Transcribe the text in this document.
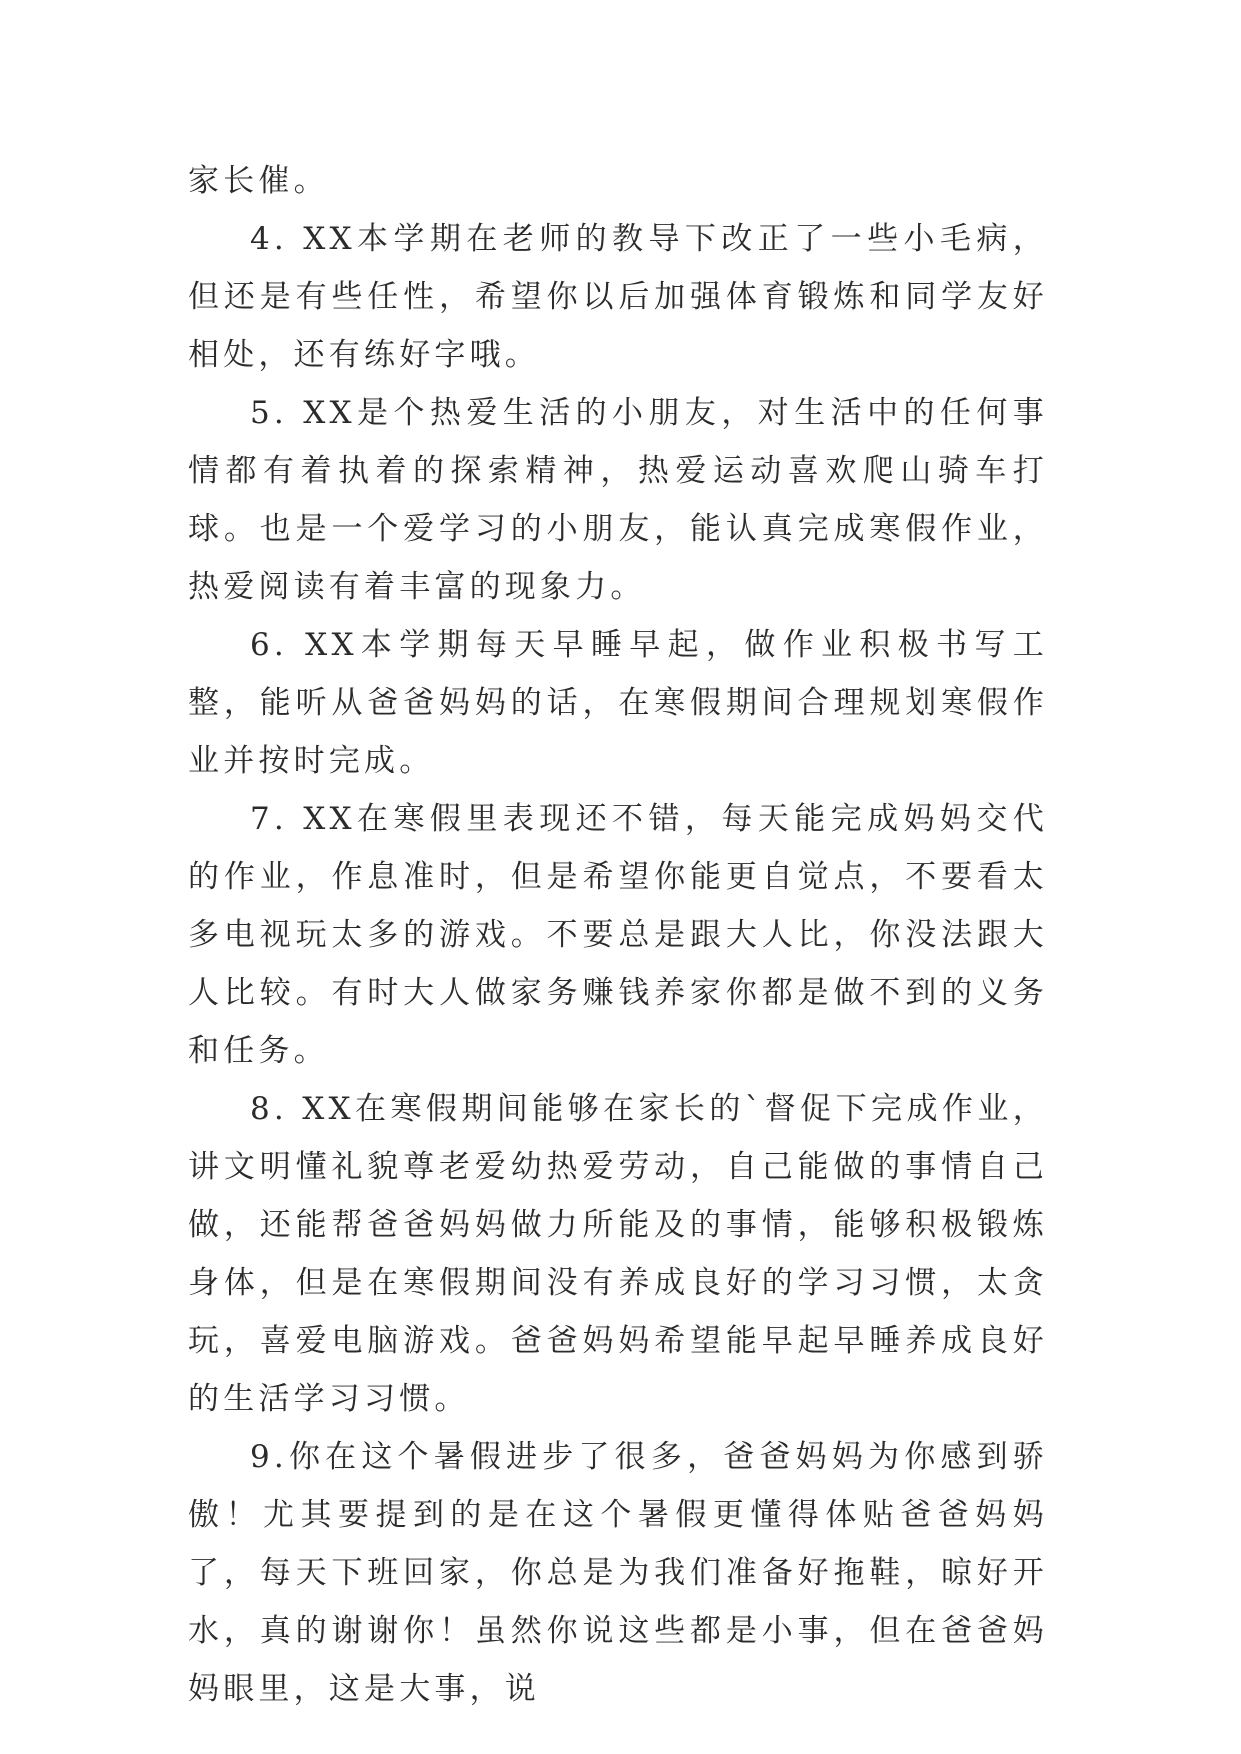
家长催。

4. XX本学期在老师的教导下改正了一些小毛病，但还是有些任性，希望你以后加强体育锻炼和同学友好相处，还有练好字哦。

5. XX是个热爱生活的小朋友，对生活中的任何事情都有着执着的探索精神，热爱运动喜欢爬山骑车打球。也是一个爱学习的小朋友，能认真完成寒假作业，热爱阅读有着丰富的现象力。

6. XX本学期每天早睡早起，做作业积极书写工整，能听从爸爸妈妈的话，在寒假期间合理规划寒假作业并按时完成。

7. XX在寒假里表现还不错，每天能完成妈妈交代的作业，作息准时，但是希望你能更自觉点，不要看太多电视玩太多的游戏。不要总是跟大人比，你没法跟大人比较。有时大人做家务赚钱养家你都是做不到的义务和任务。

8. XX在寒假期间能够在家长的`督促下完成作业，讲文明懂礼貌尊老爱幼热爱劳动，自己能做的事情自己做，还能帮爸爸妈妈做力所能及的事情，能够积极锻炼身体，但是在寒假期间没有养成良好的学习习惯，太贪玩，喜爱电脑游戏。爸爸妈妈希望能早起早睡养成良好的生活学习习惯。

9.你在这个暑假进步了很多，爸爸妈妈为你感到骄傲！尤其要提到的是在这个暑假更懂得体贴爸爸妈妈了，每天下班回家，你总是为我们准备好拖鞋，晾好开水，真的谢谢你！虽然你说这些都是小事，但在爸爸妈妈眼里，这是大事，说
